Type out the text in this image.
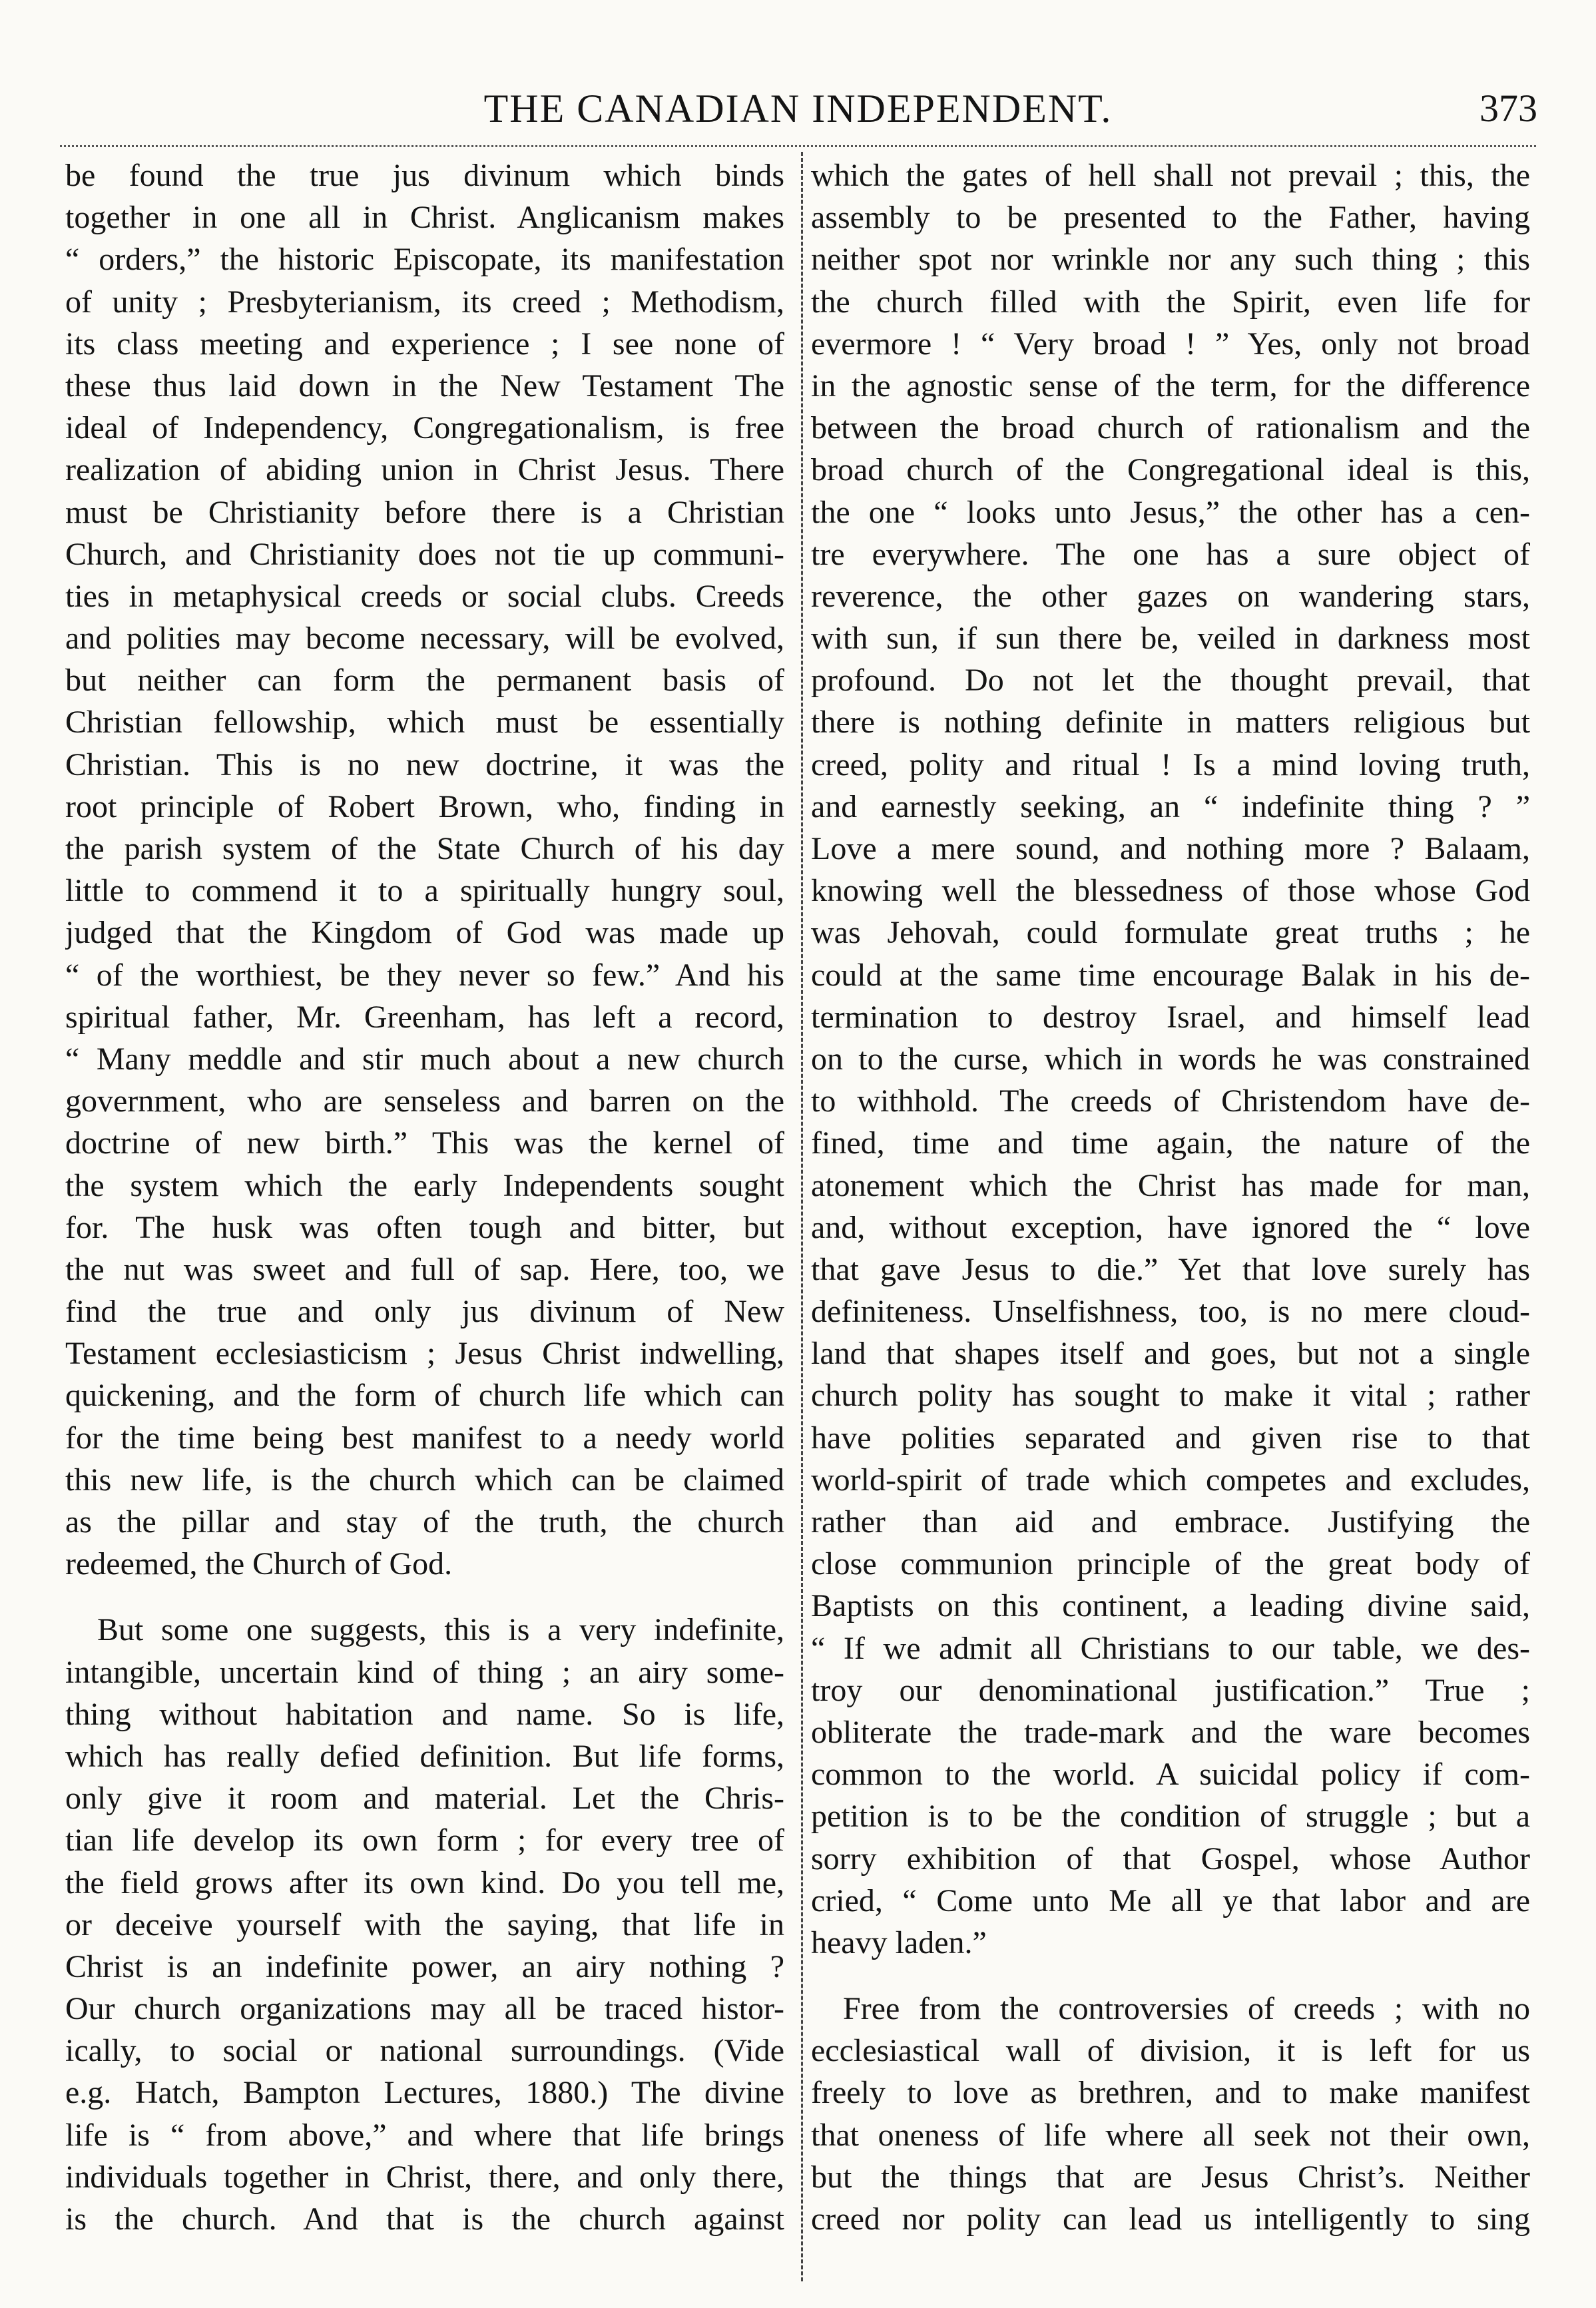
THE CANADIAN INDEPENDENT.	373
be found the true jus divinum which binds
together in one all in Christ. Anglicanism makes
“ orders,” the historic Episcopate, its manifestation
of unity ; Presbyterianism, its creed ; Methodism,
its class meeting and experience ; I see none of
these thus laid down in the New Testament The
ideal of Independency, Congregationalism, is free
realization of abiding union in Christ Jesus. There
must be Christianity before there is a Christian
Church, and Christianity does not tie up communi-
ties in metaphysical creeds or social clubs. Creeds
and polities may become necessary, will be evolved,
but neither can form the permanent basis of
Christian fellowship, which must be essentially
Christian. This is no new doctrine, it was the
root principle of Robert Brown, who, finding in
the parish system of the State Church of his day
little to commend it to a spiritually hungry soul,
judged that the Kingdom of God was made up
“ of the worthiest, be they never so few.” And his
spiritual father, Mr. Greenham, has left a record,
“ Many meddle and stir much about a new church
government, who are senseless and barren on the
doctrine of new birth.” This was the kernel of
the system which the early Independents sought
for. The husk was often tough and bitter, but
the nut was sweet and full of sap. Here, too, we
find the true and only jus divinum of New
Testament ecclesiasticism ; Jesus Christ indwelling,
quickening, and the form of church life which can
for the time being best manifest to a needy world
this new life, is the church which can be claimed
as the pillar and stay of the truth, the church
redeemed, the Church of God.
But some one suggests, this is a very indefinite,
intangible, uncertain kind of thing ; an airy some-
thing without habitation and name. So is life,
which has really defied definition. But life forms,
only give it room and material. Let the Chris-
tian life develop its own form ; for every tree of
the field grows after its own kind. Do you tell me,
or deceive yourself with the saying, that life in
Christ is an indefinite power, an airy nothing ?
Our church organizations may all be traced histor-
ically, to social or national surroundings. (Vide
e.g. Hatch, Bampton Lectures, 1880.) The divine
life is “ from above,” and where that life brings
individuals together in Christ, there, and only there,
is the church. And that is the church against
which the gates of hell shall not prevail ; this, the
assembly to be presented to the Father, having
neither spot nor wrinkle nor any such thing ; this
the church filled with the Spirit, even life for
evermore ! “ Very broad ! ” Yes, only not broad
in the agnostic sense of the term, for the difference
between the broad church of rationalism and the
broad church of the Congregational ideal is this,
the one “ looks unto Jesus,” the other has a cen-
tre everywhere. The one has a sure object of
reverence, the other gazes on wandering stars,
with sun, if sun there be, veiled in darkness most
profound. Do not let the thought prevail, that
there is nothing definite in matters religious but
creed, polity and ritual ! Is a mind loving truth,
and earnestly seeking, an “ indefinite thing ? ”
Love a mere sound, and nothing more ? Balaam,
knowing well the blessedness of those whose God
was Jehovah, could formulate great truths ; he
could at the same time encourage Balak in his de-
termination to destroy Israel, and himself lead
on to the curse, which in words he was constrained
to withhold. The creeds of Christendom have de-
fined, time and time again, the nature of the
atonement which the Christ has made for man,
and, without exception, have ignored the “ love
that gave Jesus to die.” Yet that love surely has
definiteness. Unselfishness, too, is no mere cloud-
land that shapes itself and goes, but not a single
church polity has sought to make it vital ; rather
have polities separated and given rise to that
world-spirit of trade which competes and excludes,
rather than aid and embrace. Justifying the
close communion principle of the great body of
Baptists on this continent, a leading divine said,
“ If we admit all Christians to our table, we des-
troy our denominational justification.” True ;
obliterate the trade-mark and the ware becomes
common to the world. A suicidal policy if com-
petition is to be the condition of struggle ; but a
sorry exhibition of that Gospel, whose Author
cried, “ Come unto Me all ye that labor and are
heavy laden.”
Free from the controversies of creeds ; with no
ecclesiastical wall of division, it is left for us
freely to love as brethren, and to make manifest
that oneness of life where all seek not their own,
but the things that are Jesus Christ’s. Neither
creed nor polity can lead us intelligently to sing
